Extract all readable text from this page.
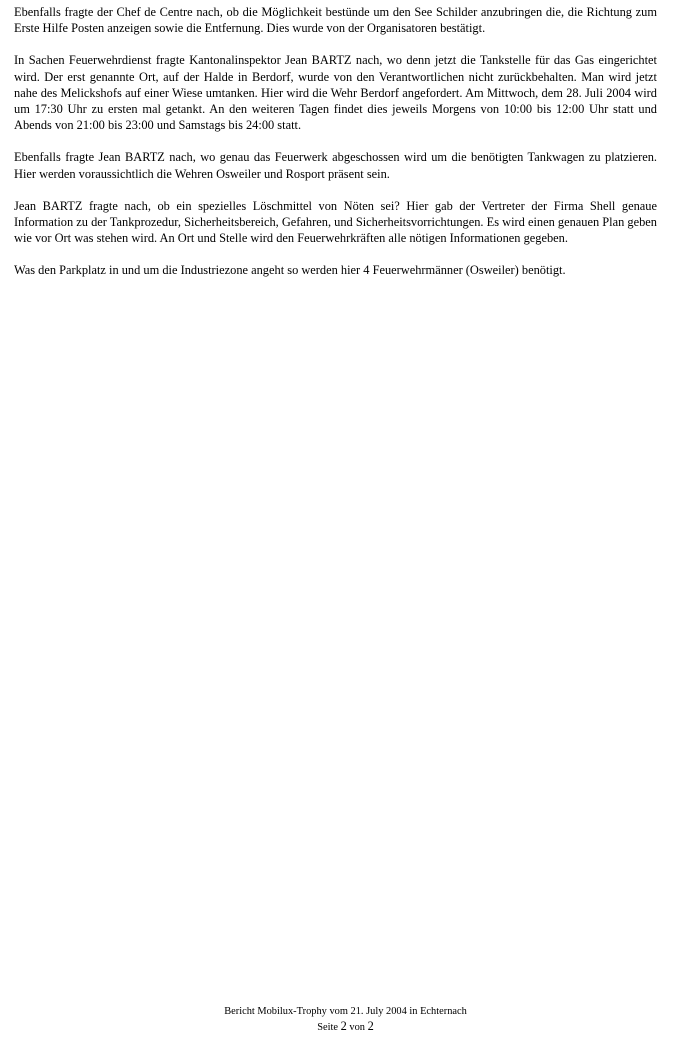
Ebenfalls fragte der Chef de Centre nach, ob die Möglichkeit bestünde um den See Schilder anzubringen die, die Richtung zum Erste Hilfe Posten anzeigen sowie die Entfernung. Dies wurde von der Organisatoren bestätigt.

In Sachen Feuerwehrdienst fragte Kantonalinspektor Jean BARTZ nach, wo denn jetzt die Tankstelle für das Gas eingerichtet wird. Der erst genannte Ort, auf der Halde in Berdorf, wurde von den Verantwortlichen nicht zurückbehalten. Man wird jetzt nahe des Melickshofs auf einer Wiese umtanken. Hier wird die Wehr Berdorf angefordert. Am Mittwoch, dem 28. Juli 2004 wird um 17:30 Uhr zu ersten mal getankt. An den weiteren Tagen findet dies jeweils Morgens von 10:00 bis 12:00 Uhr statt und Abends von 21:00 bis 23:00 und Samstags bis 24:00 statt.

Ebenfalls fragte Jean BARTZ nach, wo genau das Feuerwerk abgeschossen wird um die benötigten Tankwagen zu platzieren. Hier werden voraussichtlich die Wehren Osweiler und Rosport präsent sein.

Jean BARTZ fragte nach, ob ein spezielles Löschmittel von Nöten sei? Hier gab der Vertreter der Firma Shell genaue Information zu der Tankprozedur, Sicherheitsbereich, Gefahren, und Sicherheitsvorrichtungen. Es wird einen genauen Plan geben wie vor Ort was stehen wird. An Ort und Stelle wird den Feuerwehrkräften alle nötigen Informationen gegeben.

Was den Parkplatz in und um die Industriezone angeht so werden hier 4 Feuerwehrmänner (Osweiler) benötigt.

Bericht Mobilux-Trophy vom 21. July 2004 in Echternach
Seite 2 von 2
